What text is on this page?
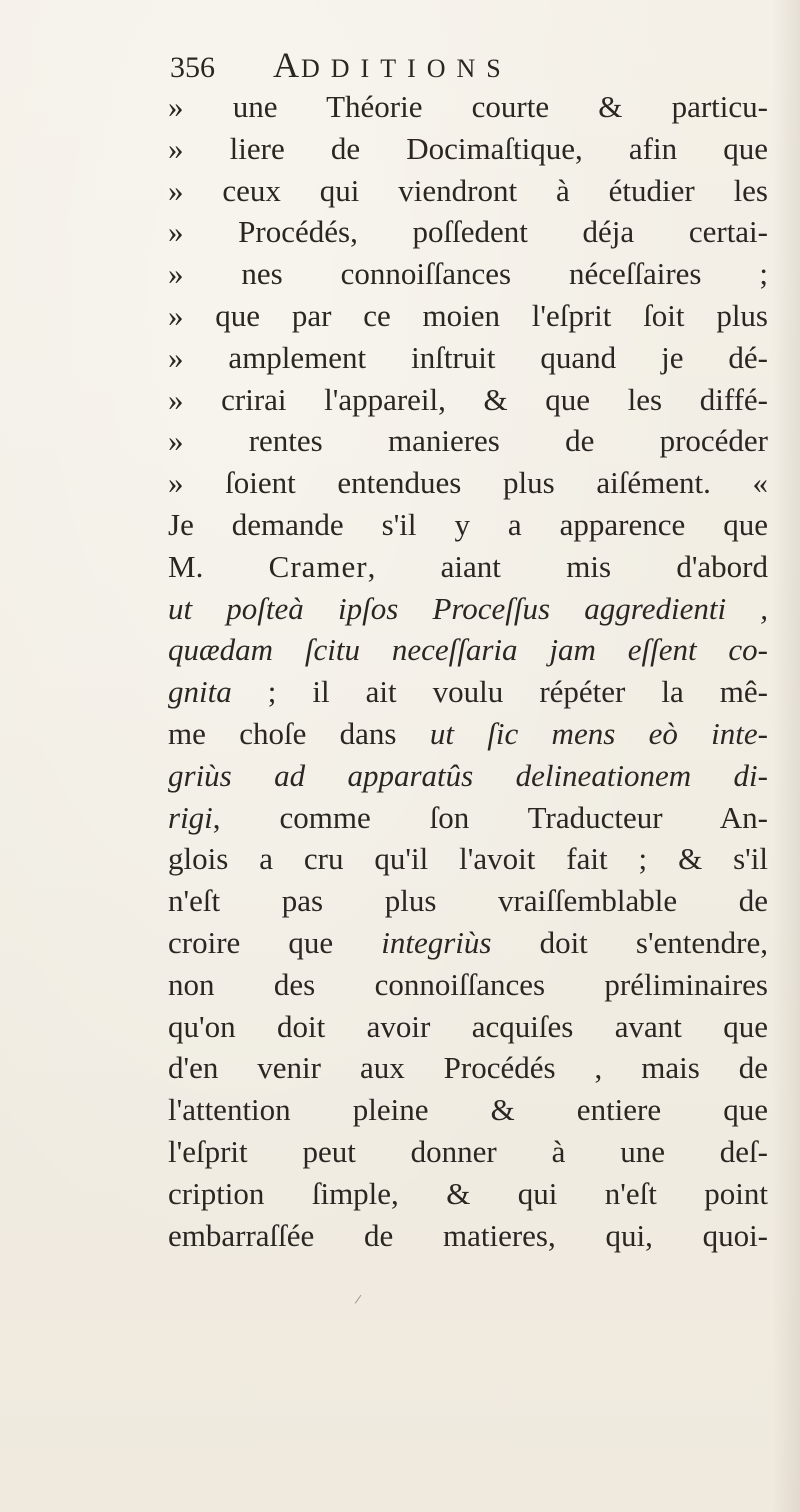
356 ADDITIONS
» une Théorie courte & particu-
» liere de Docimaſtique, afin que
» ceux qui viendront à étudier les
» Procédés, poſſedent déja certai-
» nes connoiſſances néceſſaires ;
» que par ce moien l'eſprit ſoit plus
» amplement inſtruit quand je dé-
» crirai l'appareil, & que les diffé-
» rentes manieres de procéder
» ſoient entendues plus aiſément. «
Je demande s'il y a apparence que
M. Cramer, aiant mis d'abord
ut poſteà ipſos Proceſſus aggredienti ,
quædam ſcitu neceſſaria jam eſſent co-
gnita ; il ait voulu répéter la mê-
me choſe dans ut ſic mens eò inte-
griùs ad apparatûs delineationem di-
rigi, comme ſon Traducteur An-
glois a cru qu'il l'avoit fait ; & s'il
n'eſt pas plus vraiſſemblable de
croire que integriùs doit s'entendre,
non des connoiſſances préliminaires
qu'on doit avoir acquiſes avant que
d'en venir aux Procédés , mais de
l'attention pleine & entiere que
l'eſprit peut donner à une deſ-
cription ſimple, & qui n'eſt point
embarraſſée de matieres, qui, quoi-
